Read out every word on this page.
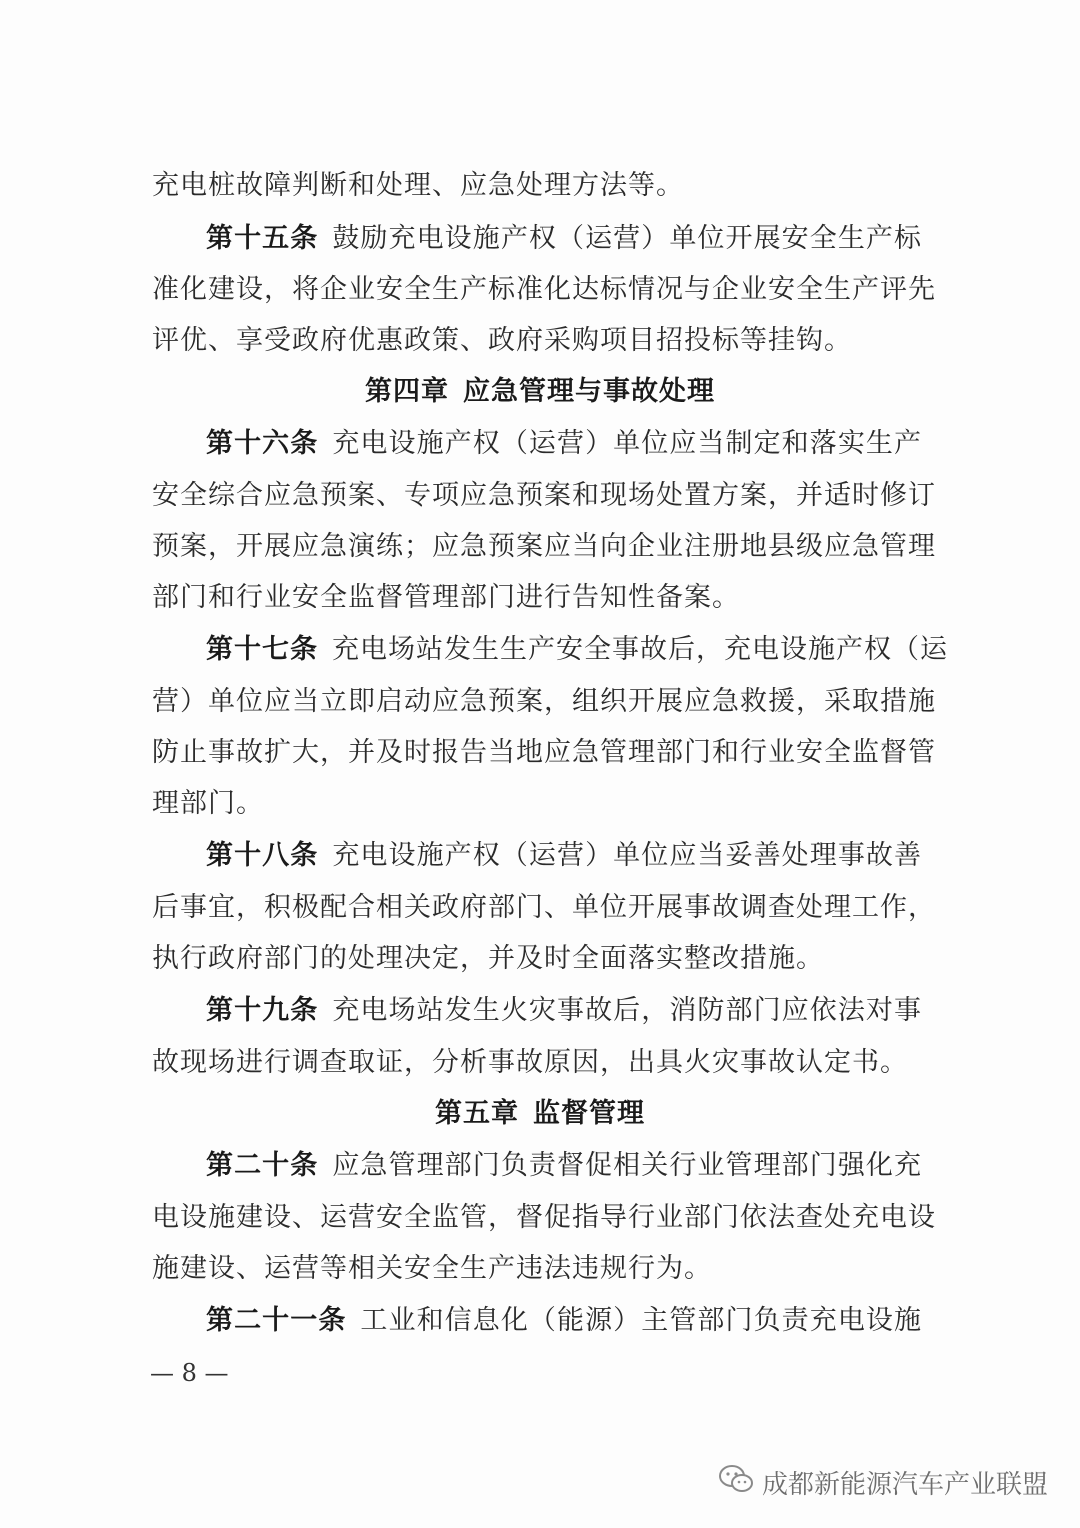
充电桩故障判断和处理、应急处理方法等。
第十五条 鼓励充电设施产权（运营）单位开展安全生产标
准化建设，将企业安全生产标准化达标情况与企业安全生产评先
评优、享受政府优惠政策、政府采购项目招投标等挂钩。
第四章 应急管理与事故处理
第十六条 充电设施产权（运营）单位应当制定和落实生产
安全综合应急预案、专项应急预案和现场处置方案，并适时修订
预案，开展应急演练；应急预案应当向企业注册地县级应急管理
部门和行业安全监督管理部门进行告知性备案。
第十七条 充电场站发生生产安全事故后，充电设施产权（运
营）单位应当立即启动应急预案，组织开展应急救援，采取措施
防止事故扩大，并及时报告当地应急管理部门和行业安全监督管
理部门。
第十八条 充电设施产权（运营）单位应当妥善处理事故善
后事宜，积极配合相关政府部门、单位开展事故调查处理工作，
执行政府部门的处理决定，并及时全面落实整改措施。
第十九条 充电场站发生火灾事故后，消防部门应依法对事
故现场进行调查取证，分析事故原因，出具火灾事故认定书。
第五章 监督管理
第二十条 应急管理部门负责督促相关行业管理部门强化充
电设施建设、运营安全监管，督促指导行业部门依法查处充电设
施建设、运营等相关安全生产违法违规行为。
第二十一条 工业和信息化（能源）主管部门负责充电设施
— 8 —
成都新能源汽车产业联盟
